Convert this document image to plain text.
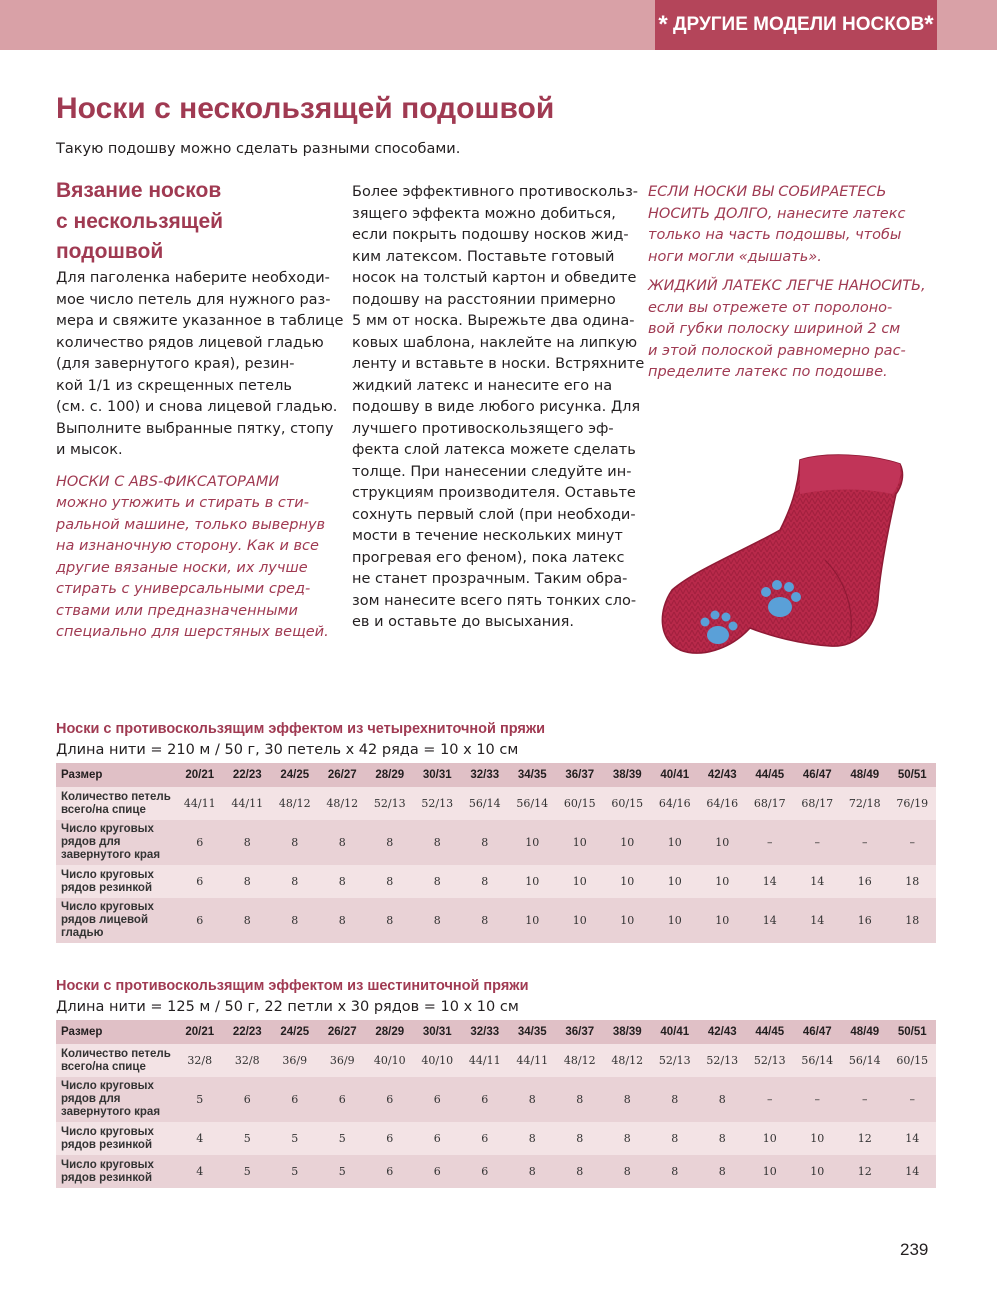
* ДРУГИЕ МОДЕЛИ НОСКОВ*
Носки с нескользящей подошвой

Такую подошву можно сделать разными способами.

Вязание носков
с нескользящей
подошвой

Для паголенка наберите необходи-

мое число петель для нужного раз-

мера и свяжите указанное в таблице

количество рядов лицевой гладью

(для завернутого края), резин-

кой 1/1 из скрещенных петель

(см. с. 100) и снова лицевой гладью.

Выполните выбранные пятку, стопу

и мысок.

НОСКИ С ABS-ФИКСАТОРАМИ

можно утюжить и стирать в сти-

ральной машине, только вывернув

на изнаночную сторону. Как и все

другие вязаные носки, их лучше

стирать с универсальными сред-

ствами или предназначенными

специально для шерстяных вещей.

Более эффективного противоскольз-

зящего эффекта можно добиться,

если покрыть подошву носков жид-

ким латексом. Поставьте готовый

носок на толстый картон и обведите

подошву на расстоянии примерно

5 мм от носка. Вырежьте два одина-

ковых шаблона, наклейте на липкую

ленту и вставьте в носки. Встряхните

жидкий латекс и нанесите его на

подошву в виде любого рисунка. Для

лучшего противоскользящего эф-

фекта слой латекса можете сделать

толще. При нанесении следуйте ин-

струкциям производителя. Оставьте

сохнуть первый слой (при необходи-

мости в течение нескольких минут

прогревая его феном), пока латекс

не станет прозрачным. Таким обра-

зом нанесите всего пять тонких сло-

ев и оставьте до высыхания.

ЕСЛИ НОСКИ ВЫ СОБИРАЕТЕСЬ

НОСИТЬ ДОЛГО, нанесите латекс

только на часть подошвы, чтобы

ноги могли «дышать».

ЖИДКИЙ ЛАТЕКС ЛЕГЧЕ НАНОСИТЬ,

если вы отрежете от поролоно-

вой губки полоску шириной 2 см

и этой полоской равномерно рас-

пределите латекс по подошве.

Носки с противоскользящим эффектом из четырехниточной пряжи

Длина нити = 210 м / 50 г, 30 петель х 42 ряда = 10 х 10 см

Размер	20/21	22/23	24/25	26/27	28/29	30/31	32/33	34/35	36/37	38/39	40/41	42/43	44/45	46/47	48/49	50/51
Количество петель
всего/на спице	44/11	44/11	48/12	48/12	52/13	52/13	56/14	56/14	60/15	60/15	64/16	64/16	68/17	68/17	72/18	76/19
Число круговых
рядов для
завернутого края	6	8	8	8	8	8	8	10	10	10	10	10	–	–	–	–
Число круговых
рядов резинкой	6	8	8	8	8	8	8	10	10	10	10	10	14	14	16	18
Число круговых
рядов лицевой
гладью	6	8	8	8	8	8	8	10	10	10	10	10	14	14	16	18

Носки с противоскользящим эффектом из шестиниточной пряжи

Длина нити = 125 м / 50 г, 22 петли х 30 рядов = 10 х 10 см

Размер	20/21	22/23	24/25	26/27	28/29	30/31	32/33	34/35	36/37	38/39	40/41	42/43	44/45	46/47	48/49	50/51
Количество петель
всего/на спице	32/8	32/8	36/9	36/9	40/10	40/10	44/11	44/11	48/12	48/12	52/13	52/13	52/13	56/14	56/14	60/15
Число круговых
рядов для
завернутого края	5	6	6	6	6	6	6	8	8	8	8	8	–	–	–	–
Число круговых
рядов резинкой	4	5	5	5	6	6	6	8	8	8	8	8	10	10	12	14
Число круговых
рядов резинкой	4	5	5	5	6	6	6	8	8	8	8	8	10	10	12	14
239
